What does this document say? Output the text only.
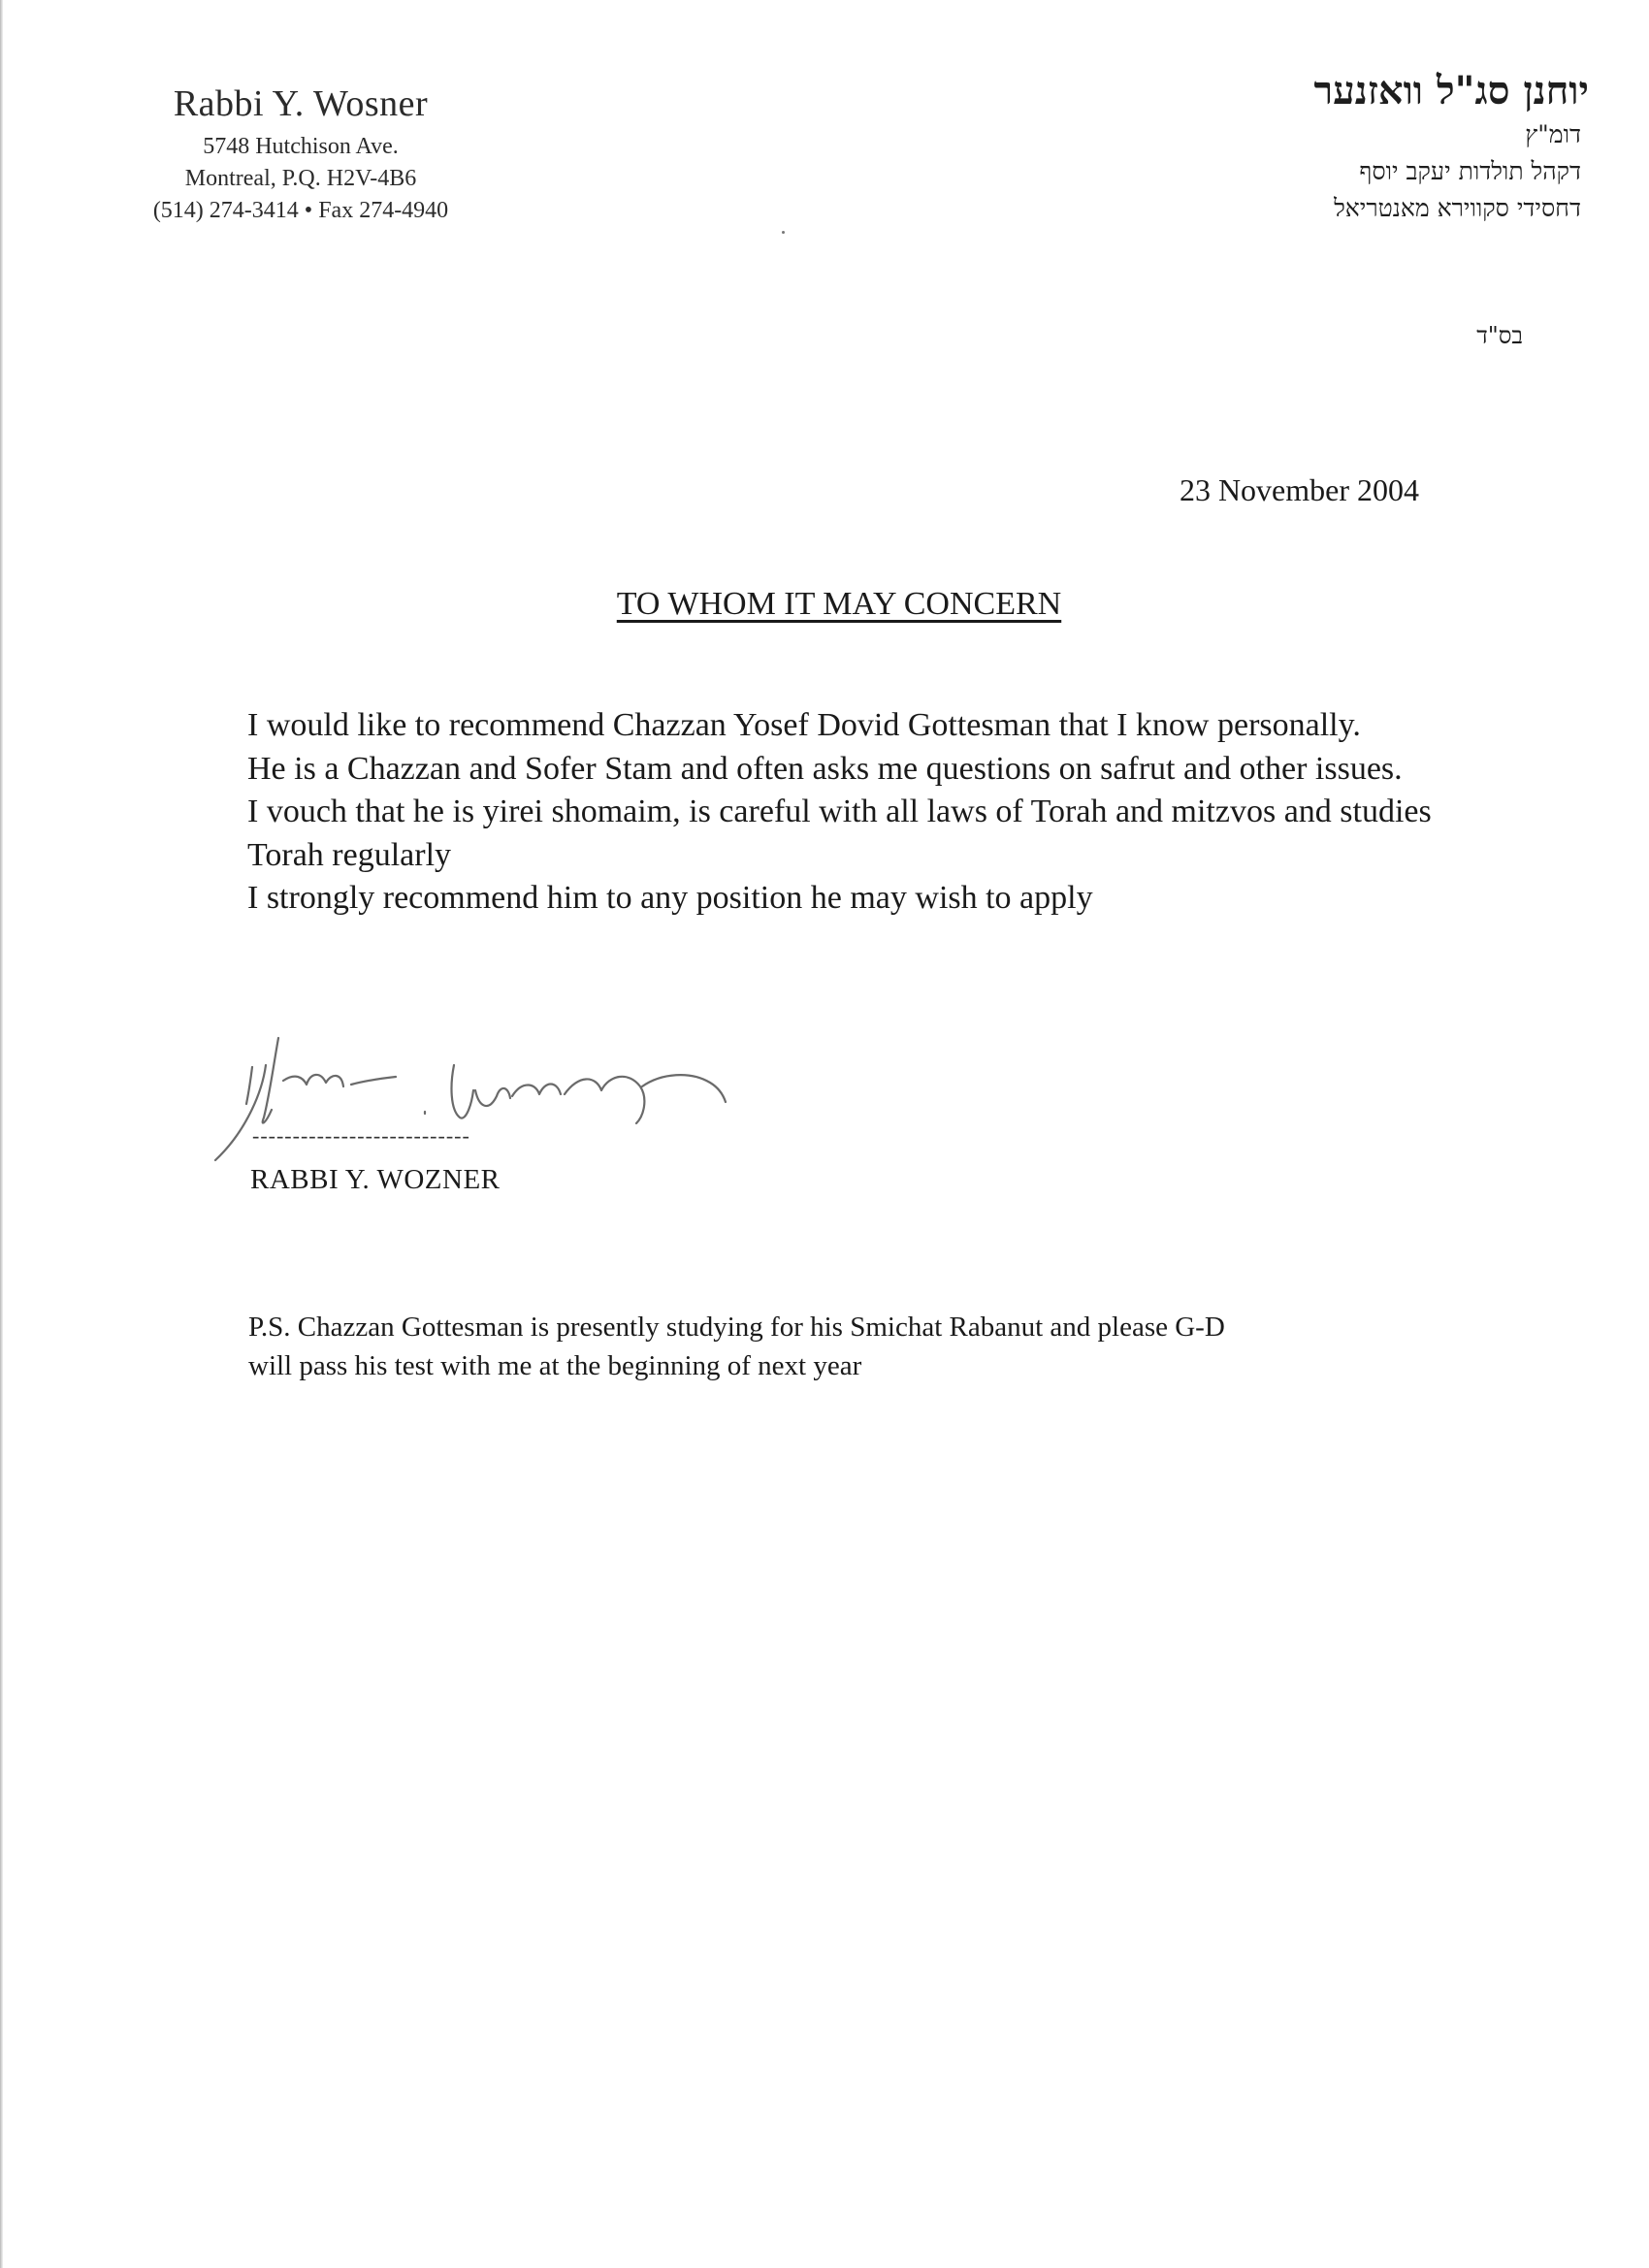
Rabbi Y. Wosner
5748 Hutchison Ave.
Montreal, P.Q. H2V-4B6
(514) 274-3414 • Fax 274-4940
יוחנן סג"ל וואזנער
דומ"ץ
דקהל תולדות יעקב יוסף
דחסידי סקווירא מאנטריאל
בס"ד
23 November 2004
TO WHOM IT MAY CONCERN

I would like to recommend Chazzan Yosef Dovid Gottesman that I know personally.

He is a Chazzan and Sofer Stam and often asks me questions on safrut and other issues.

I vouch that he is yirei shomaim, is careful with all laws of Torah and mitzvos and studies Torah regularly

I strongly recommend him to any position he may wish to apply

---------------------------
RABBI Y. WOZNER

P.S. Chazzan Gottesman is presently studying for his Smichat Rabanut and please G-D

will pass his test with me at the beginning of next year
